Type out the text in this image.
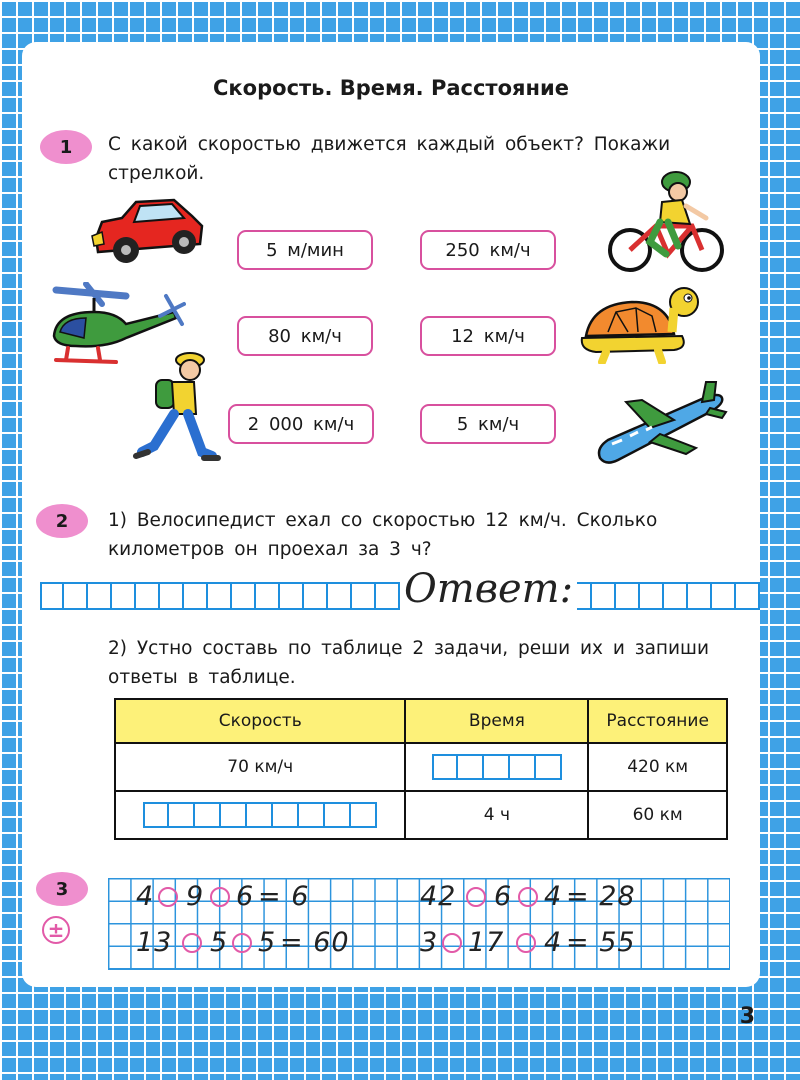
Скорость. Время. Расстояние
1	С какой скоростью движется каждый объект? Покажи стрелкой.
5 м/мин	250 км/ч
80 км/ч	12 км/ч
2 000 км/ч	5 км/ч
2	1) Велосипедист ехал со скоростью 12 км/ч. Сколько километров он проехал за 3 ч?
Ответ:
2) Устно составь по таблице 2 задачи, реши их и запиши ответы в таблице.
Скорость	Время	Расстояние
70 км/ч		420 км

	4 ч	60 км
3
±
4 9 6 = 6	42 6 4 = 28
13 5 5 = 60	3 17 4 = 55
3
